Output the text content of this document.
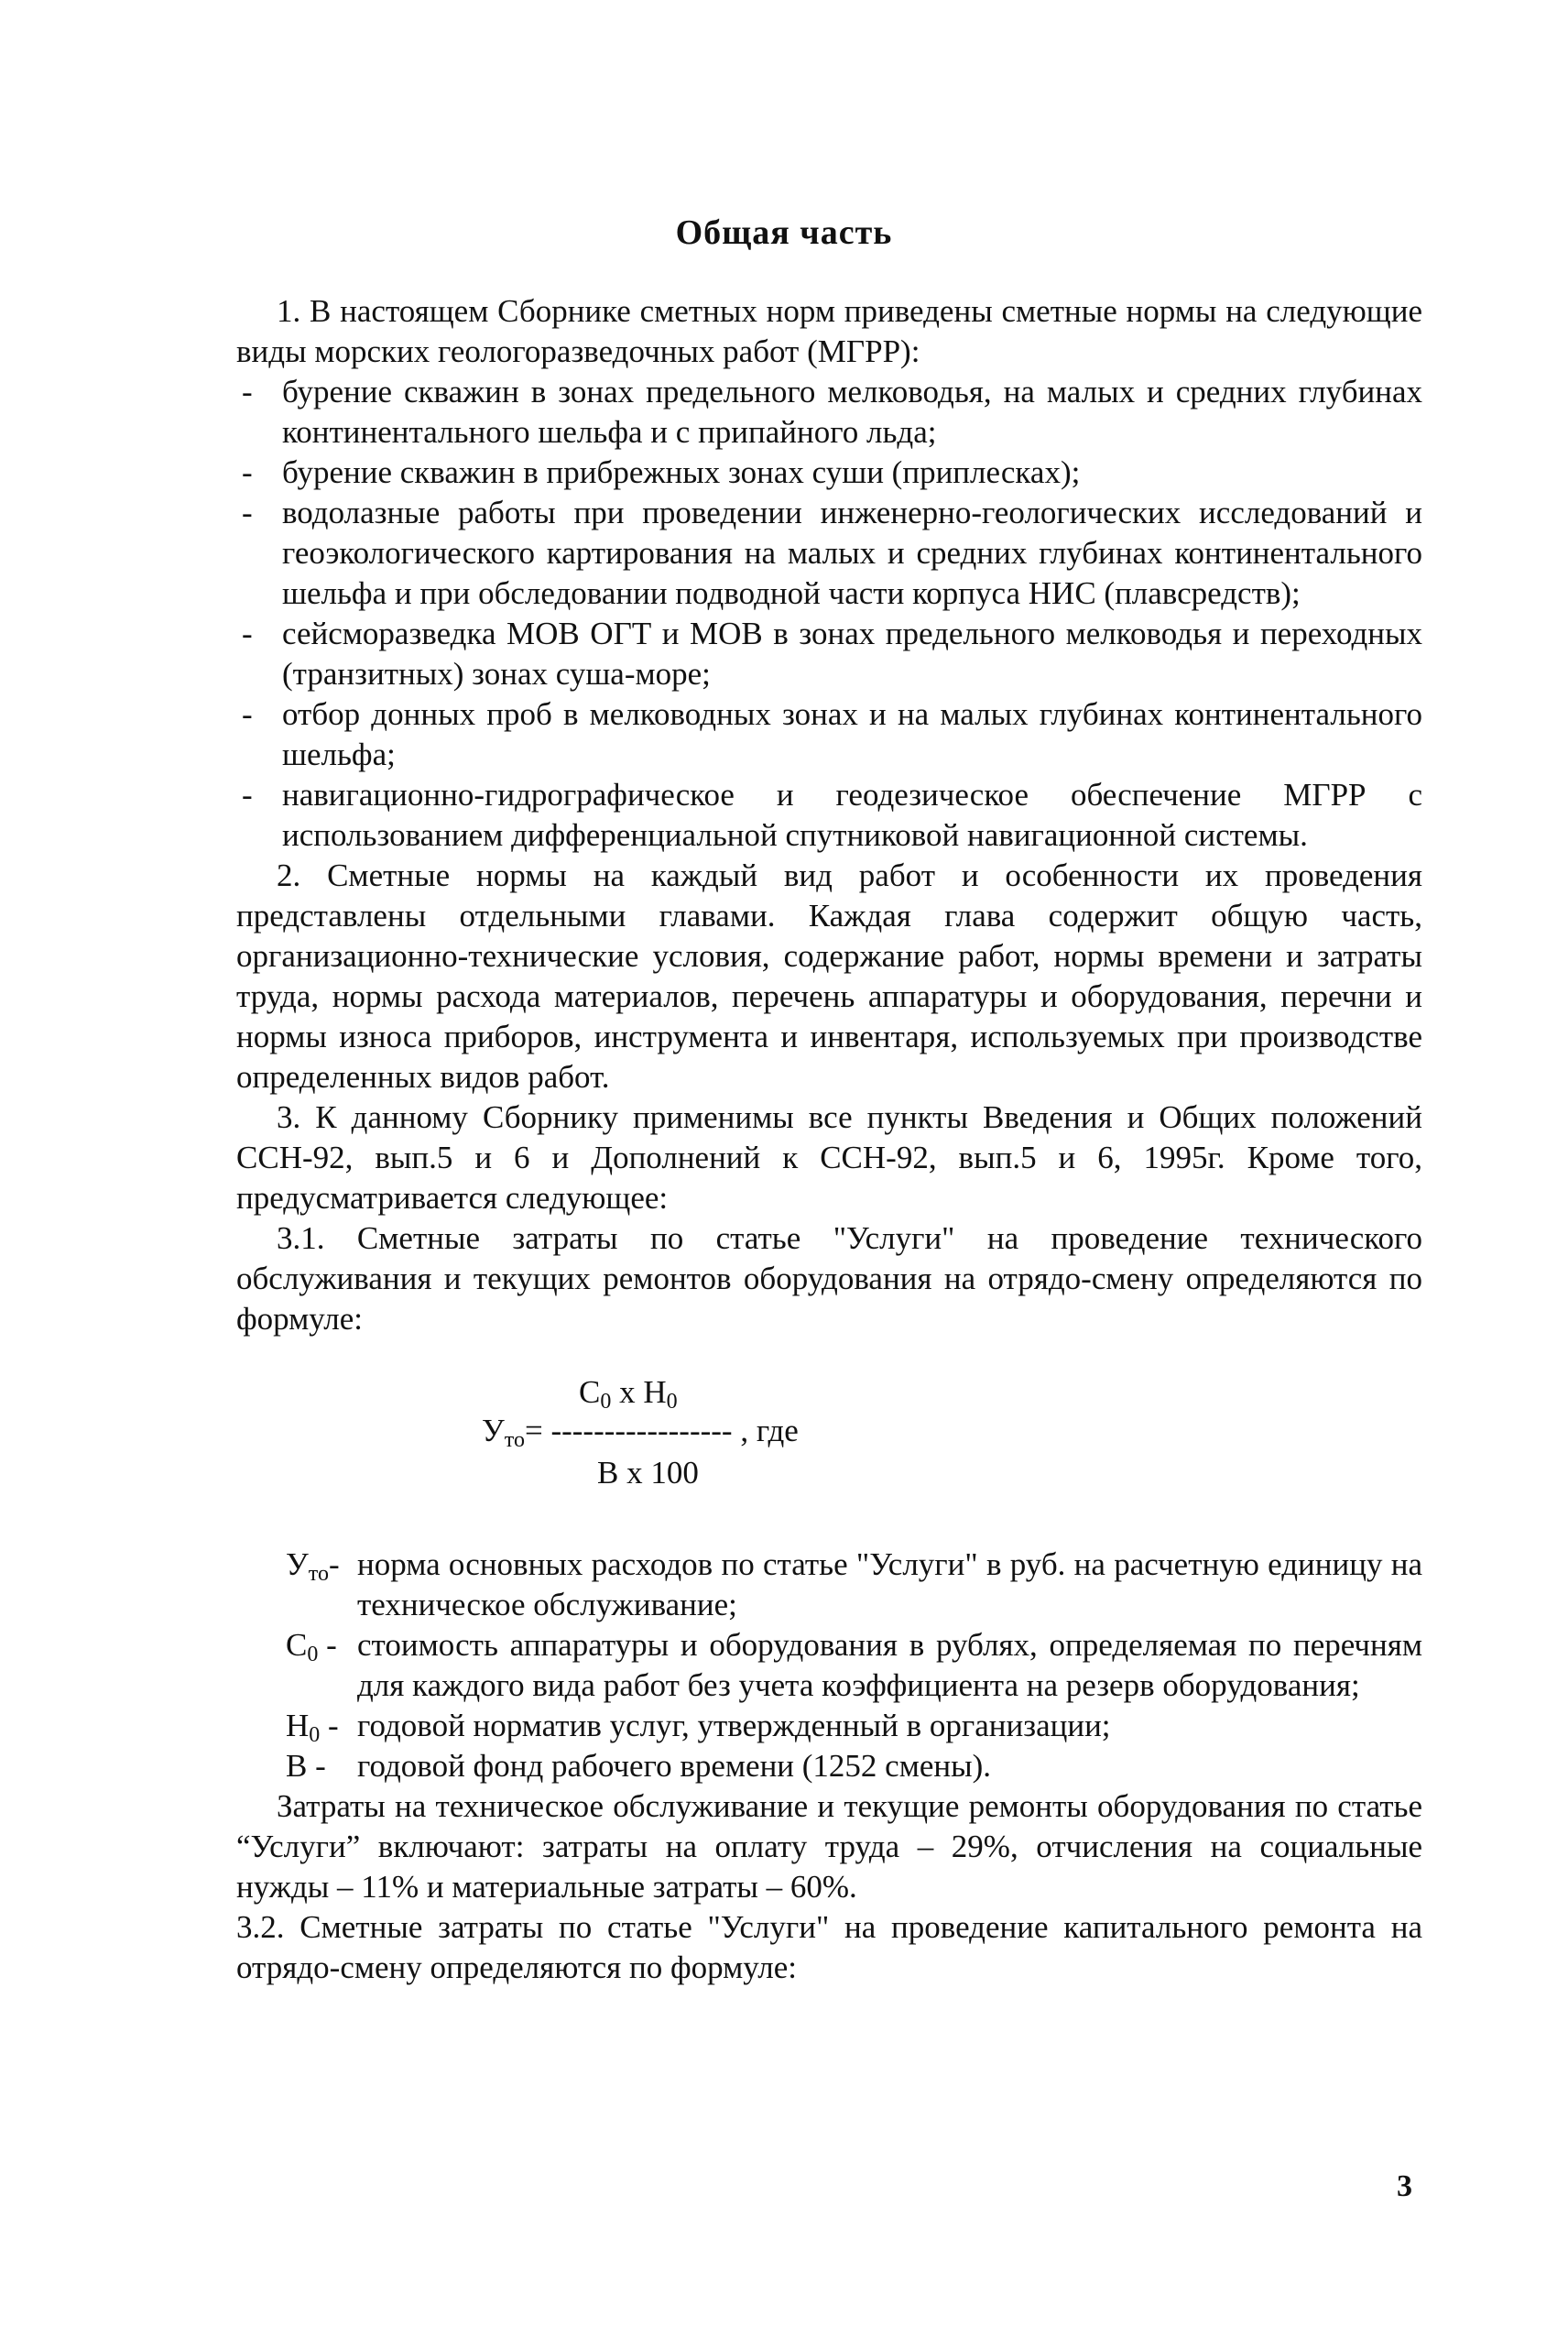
Общая часть

1. В настоящем Сборнике сметных норм приведены сметные нормы на следующие виды морских геологоразведочных работ (МГРР):

- бурение скважин в зонах предельного мелководья, на малых и средних глубинах континентального шельфа и с припайного льда;

- бурение скважин в прибрежных зонах суши (приплесках);

- водолазные работы при проведении инженерно-геологических исследований и геоэкологического картирования на малых и средних глубинах континентального шельфа и при обследовании подводной части корпуса НИС (плавсредств);

- сейсморазведка МОВ ОГТ и МОВ в зонах предельного мелководья и переходных (транзитных) зонах суша-море;

- отбор донных проб в мелководных зонах и на малых глубинах континентального шельфа;

- навигационно-гидрографическое и геодезическое обеспечение МГРР с использованием дифференциальной спутниковой навигационной системы.

2. Сметные нормы на каждый вид работ и особенности их проведения представлены отдельными главами. Каждая глава содержит общую часть, организационно-технические условия, содержание работ, нормы времени и затраты труда, нормы расхода материалов, перечень аппаратуры и оборудования, перечни и нормы износа приборов, инструмента и инвентаря, используемых при производстве определенных видов работ.

3. К данному Сборнику применимы все пункты Введения и Общих положений ССН-92, вып.5 и 6 и Дополнений к ССН-92, вып.5 и 6, 1995г. Кроме того, предусматривается следующее:

3.1. Сметные затраты по статье "Услуги" на проведение технического обслуживания и текущих ремонтов оборудования на отрядо-смену определяются по формуле:

$С_0$ х $Н_0$
$У_{то}=$ ----------------- , где
В х 100

$У_{то}-$ норма основных расходов по статье "Услуги" в руб. на расчетную единицу на техническое обслуживание;

$С_0$ - стоимость аппаратуры и оборудования в рублях, определяемая по перечням для каждого вида работ без учета коэффициента на резерв оборудования;

$Н_0$ - годовой норматив услуг, утвержденный в организации;

В - годовой фонд рабочего времени (1252 смены).

Затраты на техническое обслуживание и текущие ремонты оборудования по статье “Услуги” включают: затраты на оплату труда – 29%, отчисления на социальные нужды – 11% и материальные затраты – 60%.

3.2. Сметные затраты по статье "Услуги" на проведение капитального ремонта на отрядо-смену определяются по формуле:

3
